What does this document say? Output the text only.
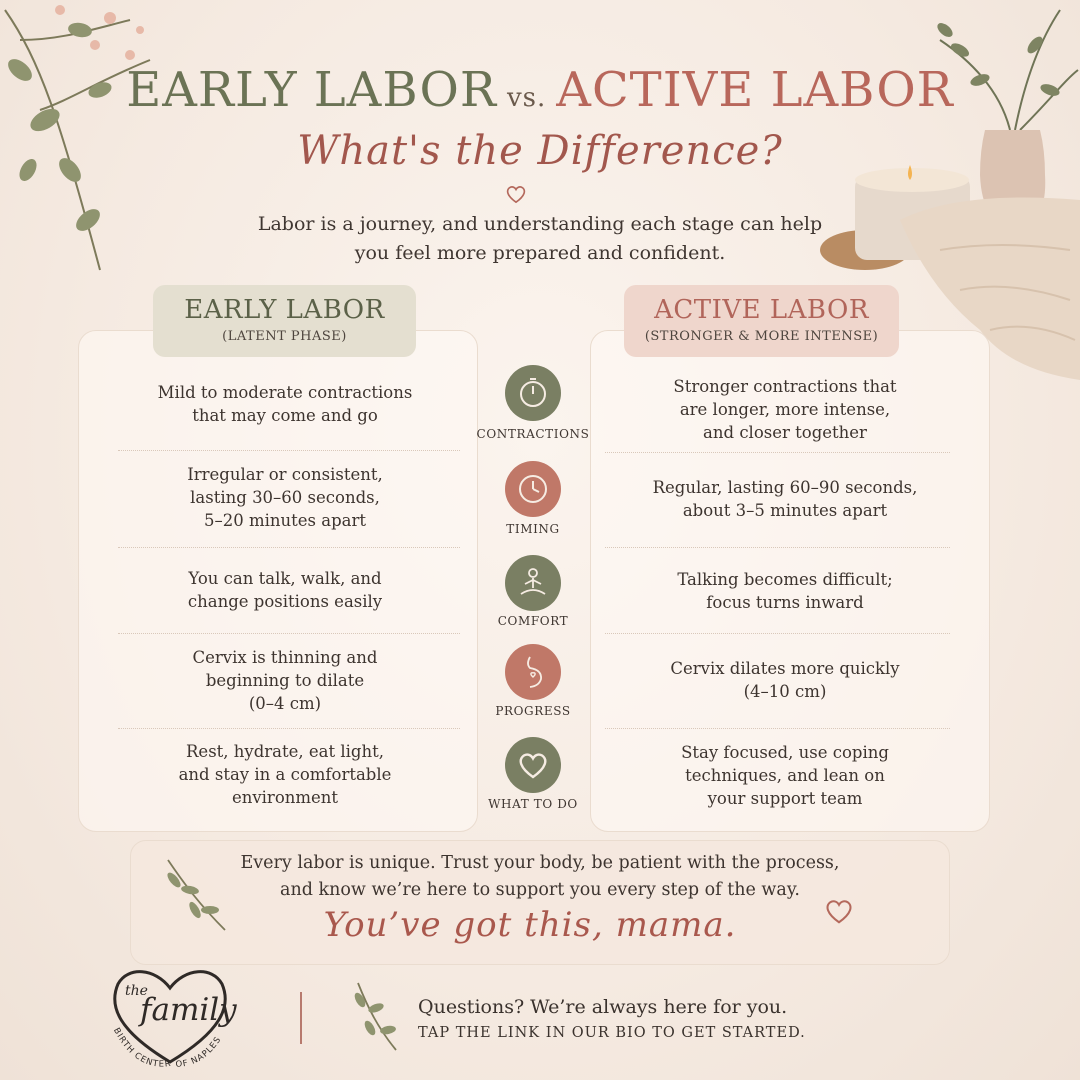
EARLY LABOR vs. ACTIVE LABOR
What's the Difference?
Labor is a journey, and understanding each stage can help
you feel more prepared and confident.
EARLY LABOR
(LATENT PHASE)
ACTIVE LABOR
(STRONGER & MORE INTENSE)
Mild to moderate contractions
that may come and go
Irregular or consistent,
lasting 30–60 seconds,
5–20 minutes apart
You can talk, walk, and
change positions easily
Cervix is thinning and
beginning to dilate
(0–4 cm)
Rest, hydrate, eat light,
and stay in a comfortable
environment
Stronger contractions that
are longer, more intense,
and closer together
Regular, lasting 60–90 seconds,
about 3–5 minutes apart
Talking becomes difficult;
focus turns inward
Cervix dilates more quickly
(4–10 cm)
Stay focused, use coping
techniques, and lean on
your support team
CONTRACTIONS
TIMING
COMFORT
PROGRESS
WHAT TO DO
Every labor is unique. Trust your body, be patient with the process,
and know we’re here to support you every step of the way.
You’ve got this, mama.
BIRTH CENTER OF NAPLES
the
family	Questions? We’re always here for you.
TAP THE LINK IN OUR BIO TO GET STARTED.
